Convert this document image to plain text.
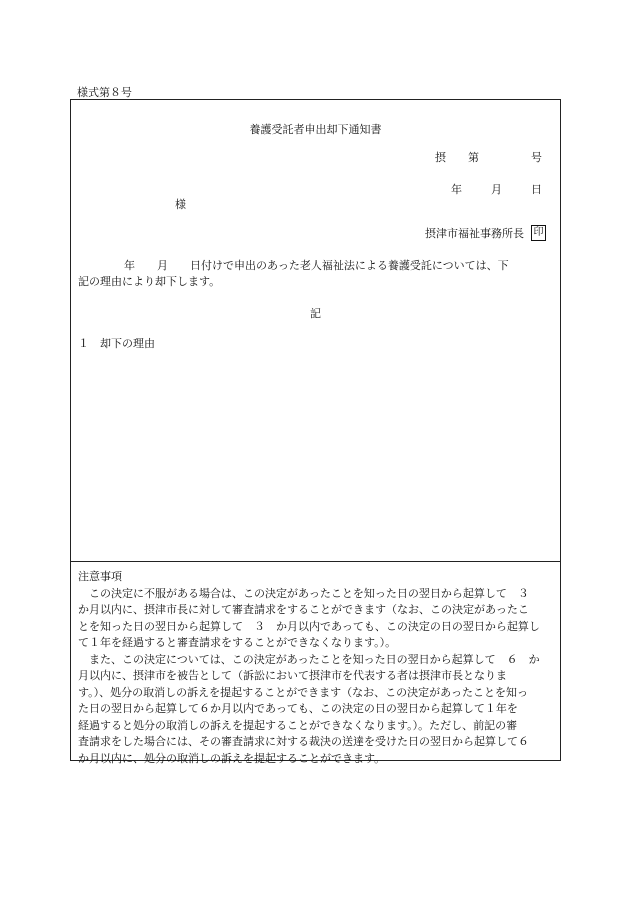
様式第８号
養護受託者申出却下通知書
摂 第	号
年	月	日
様
摂津市福祉事務所長 印
年　　月　　日付けで申出のあった老人福祉法による養護受託については、下
記の理由により却下します。
記
１　却下の理由
注意事項
　この決定に不服がある場合は、この決定があったことを知った日の翌日から起算して　３
か月以内に、摂津市長に対して審査請求をすることができます（なお、この決定があったこ
とを知った日の翌日から起算して　３　か月以内であっても、この決定の日の翌日から起算し
て１年を経過すると審査請求をすることができなくなります。）。
　また、この決定については、この決定があったことを知った日の翌日から起算して　６　か
月以内に、摂津市を被告として（訴訟において摂津市を代表する者は摂津市長となりま
す。）、処分の取消しの訴えを提起することができます（なお、この決定があったことを知っ
た日の翌日から起算して６か月以内であっても、この決定の日の翌日から起算して１年を
経過すると処分の取消しの訴えを提起することができなくなります。）。ただし、前記の審
査請求をした場合には、その審査請求に対する裁決の送達を受けた日の翌日から起算して６
か月以内に、処分の取消しの訴えを提起することができます。
